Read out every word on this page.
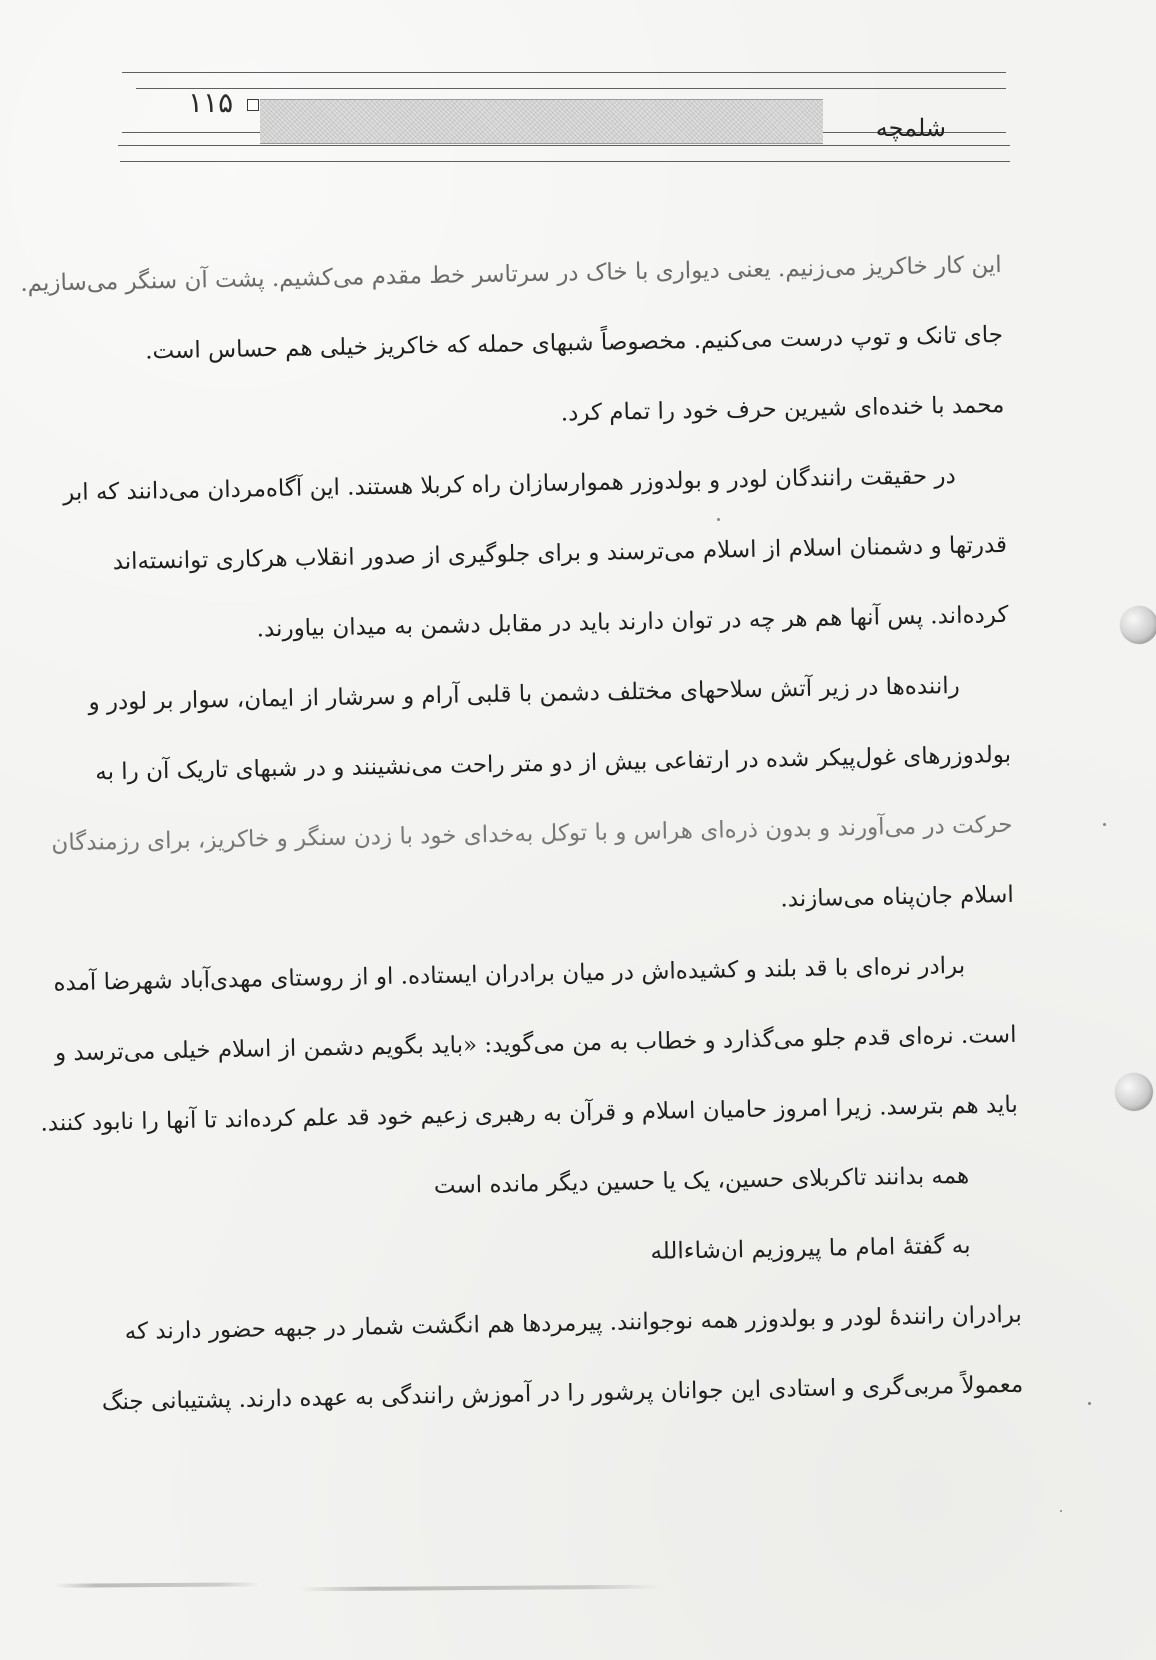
۱۱۵
شلمچه

این کار خاکریز می‌زنیم. یعنی دیواری با خاک در سرتاسر خط مقدم می‌کشیم. پشت آن سنگر می‌سازیم.

جای تانک و توپ درست می‌کنیم. مخصوصاً شبهای حمله که خاکریز خیلی هم حساس است.

محمد با خنده‌ای شیرین حرف خود را تمام کرد.

در حقیقت رانندگان لودر و بولدوزر هموارسازان راه کربلا هستند. این آگاه‌مردان می‌دانند که ابر

قدرتها و دشمنان اسلام از اسلام می‌ترسند و برای جلوگیری از صدور انقلاب هرکاری توانسته‌اند

کرده‌اند. پس آنها هم هر چه در توان دارند باید در مقابل دشمن به میدان بیاورند.

راننده‌ها در زیر آتش سلاحهای مختلف دشمن با قلبی آرام و سرشار از ایمان، سوار بر لودر و

بولدوزرهای غول‌پیکر شده در ارتفاعی بیش از دو متر راحت می‌نشینند و در شبهای تاریک آن را به

حرکت در می‌آورند و بدون ذره‌ای هراس و با توکل به‌خدای خود با زدن سنگر و خاکریز، برای رزمندگان

اسلام جان‌پناه می‌سازند.

برادر نره‌ای با قد بلند و کشیده‌اش در میان برادران ایستاده. او از روستای مهدی‌آباد شهرضا آمده

است. نره‌ای قدم جلو می‌گذارد و خطاب به من می‌گوید: «باید بگویم دشمن از اسلام خیلی می‌ترسد و

باید هم بترسد. زیرا امروز حامیان اسلام و قرآن به رهبری زعیم خود قد علم کرده‌اند تا آنها را نابود کنند.

همه بدانند تاکربلای حسین، یک یا حسین دیگر مانده است

به گفتهٔ امام ما پیروزیم ان‌شاءالله

برادران رانندهٔ لودر و بولدوزر همه نوجوانند. پیرمردها هم انگشت شمار در جبهه حضور دارند که

معمولاً مربی‌گری و استادی این جوانان پرشور را در آموزش رانندگی به عهده دارند. پشتیبانی جنگ
